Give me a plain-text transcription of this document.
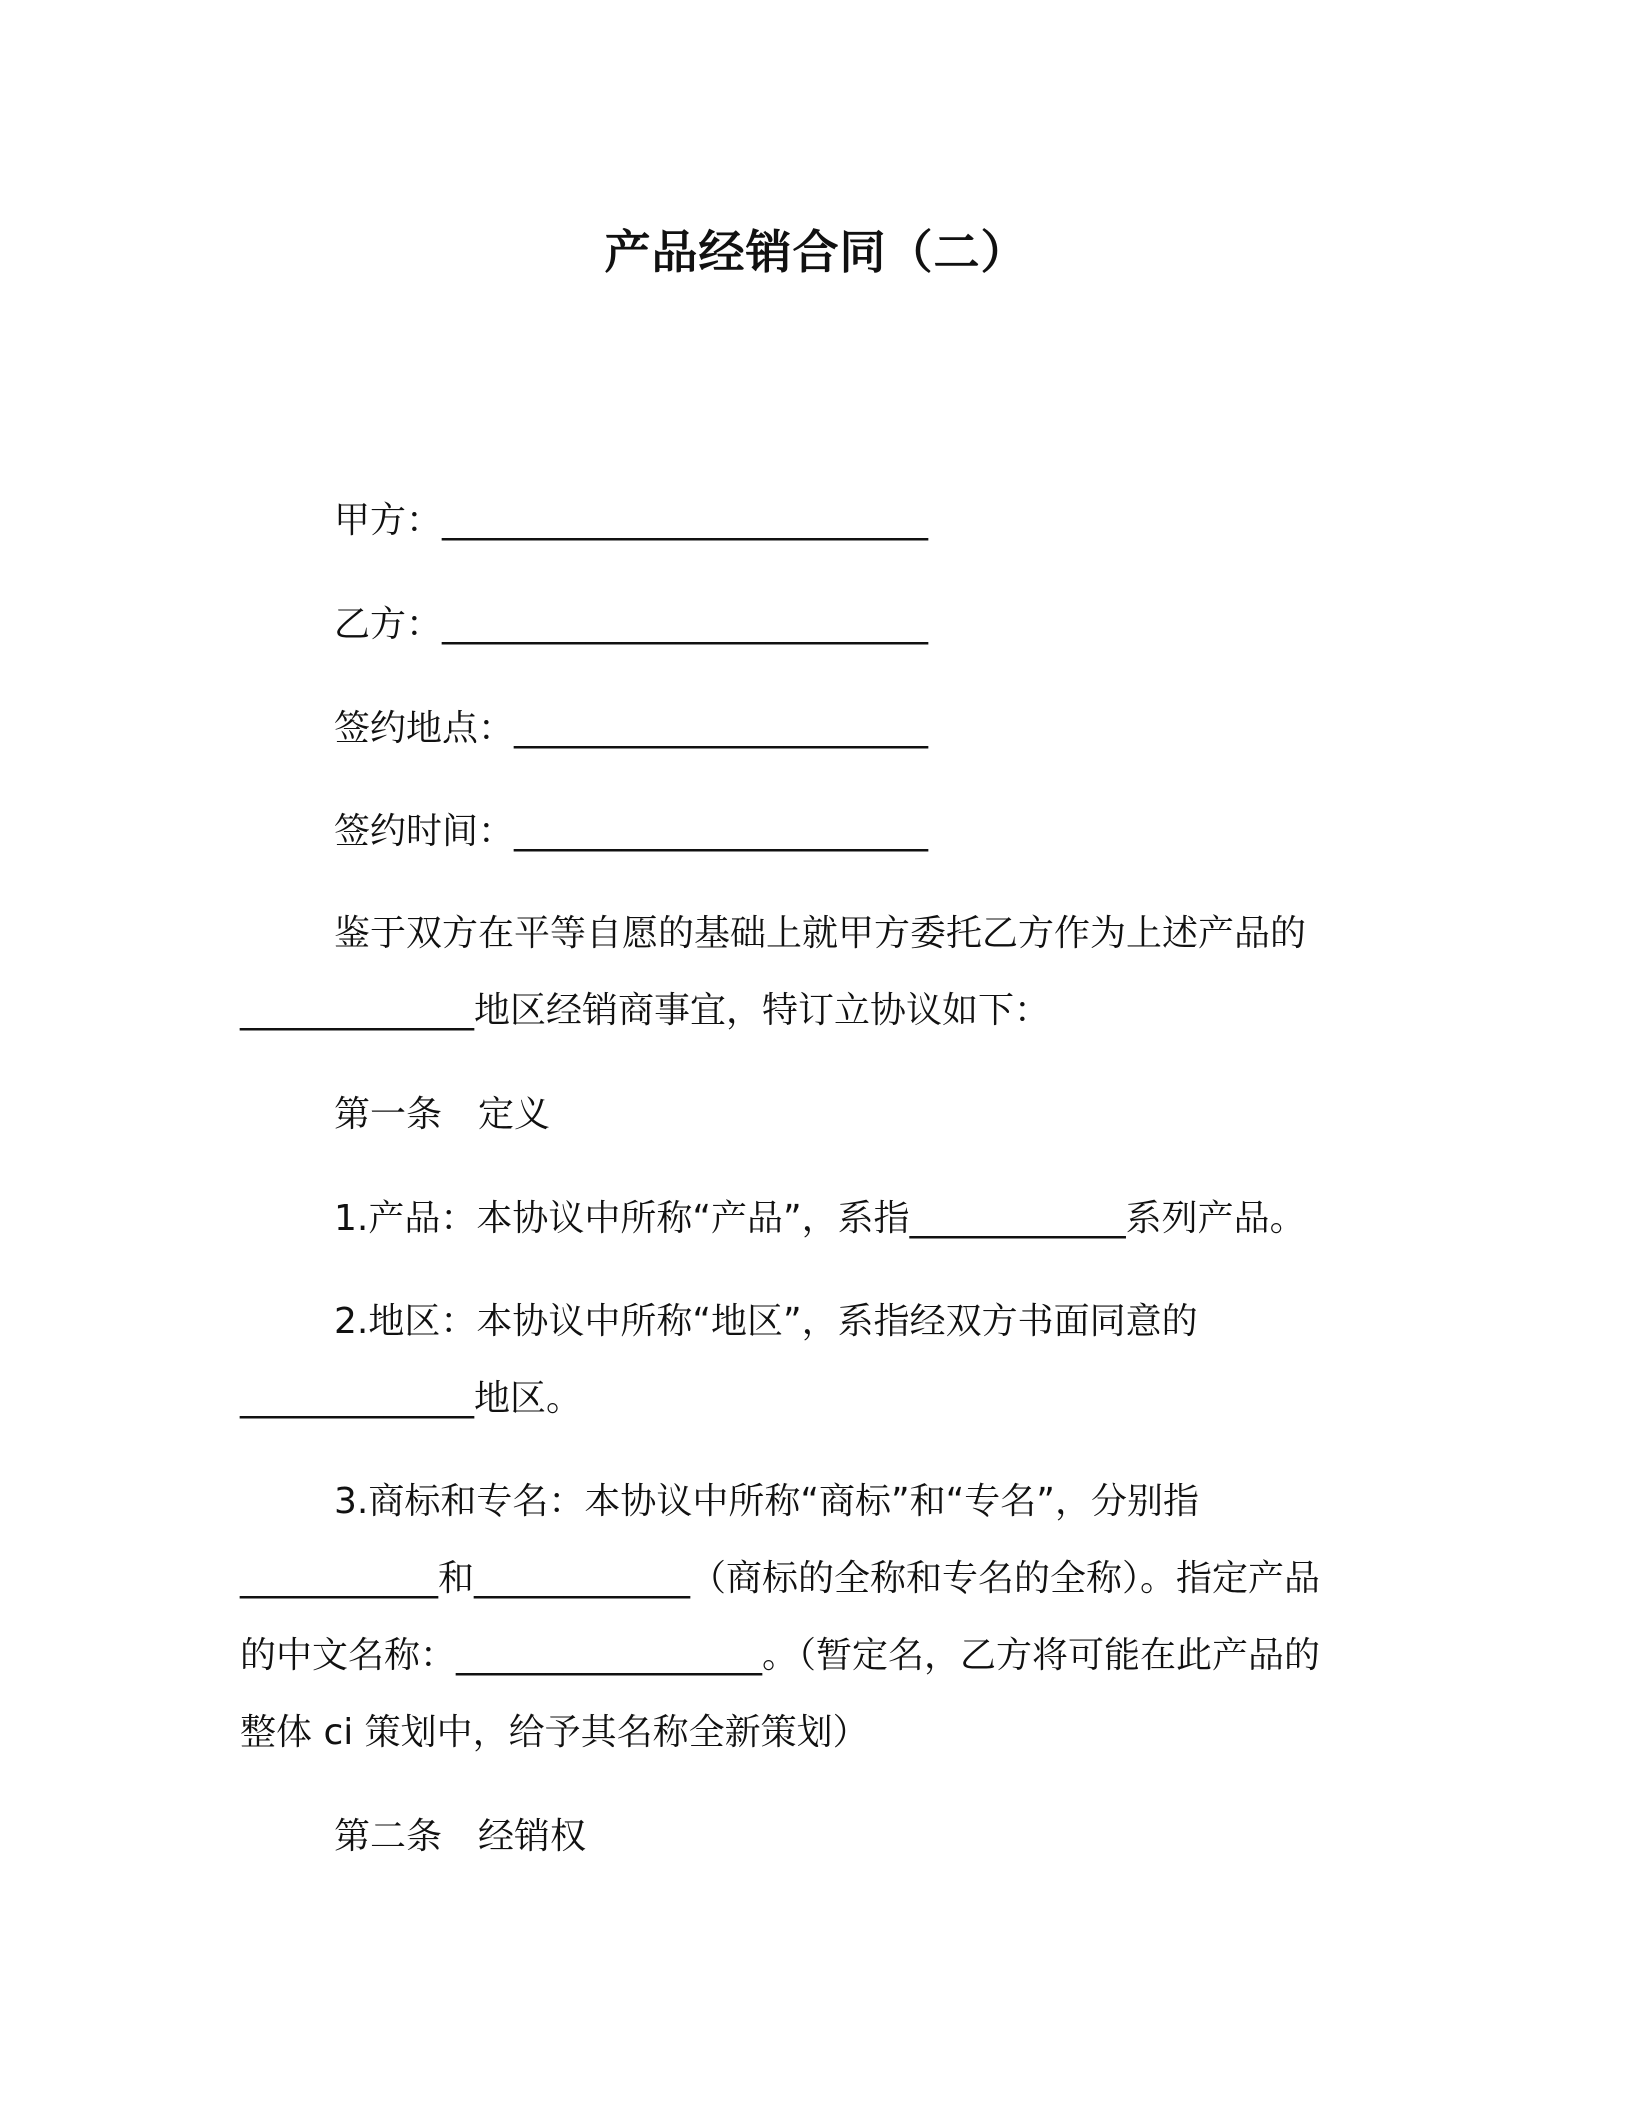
产品经销合同（二）
甲方：___________________________
乙方：___________________________
签约地点：_______________________
签约时间：_______________________
鉴于双方在平等自愿的基础上就甲方委托乙方作为上述产品的
_____________地区经销商事宜，特订立协议如下：
第一条　定义
1.产品：本协议中所称“产品”，系指____________系列产品。
2.地区：本协议中所称“地区”，系指经双方书面同意的
_____________地区。
3.商标和专名：本协议中所称“商标”和“专名”，分别指
___________和____________（商标的全称和专名的全称）。指定产品
的中文名称：_________________。（暂定名，乙方将可能在此产品的
整体 ci 策划中，给予其名称全新策划）
第二条　经销权
